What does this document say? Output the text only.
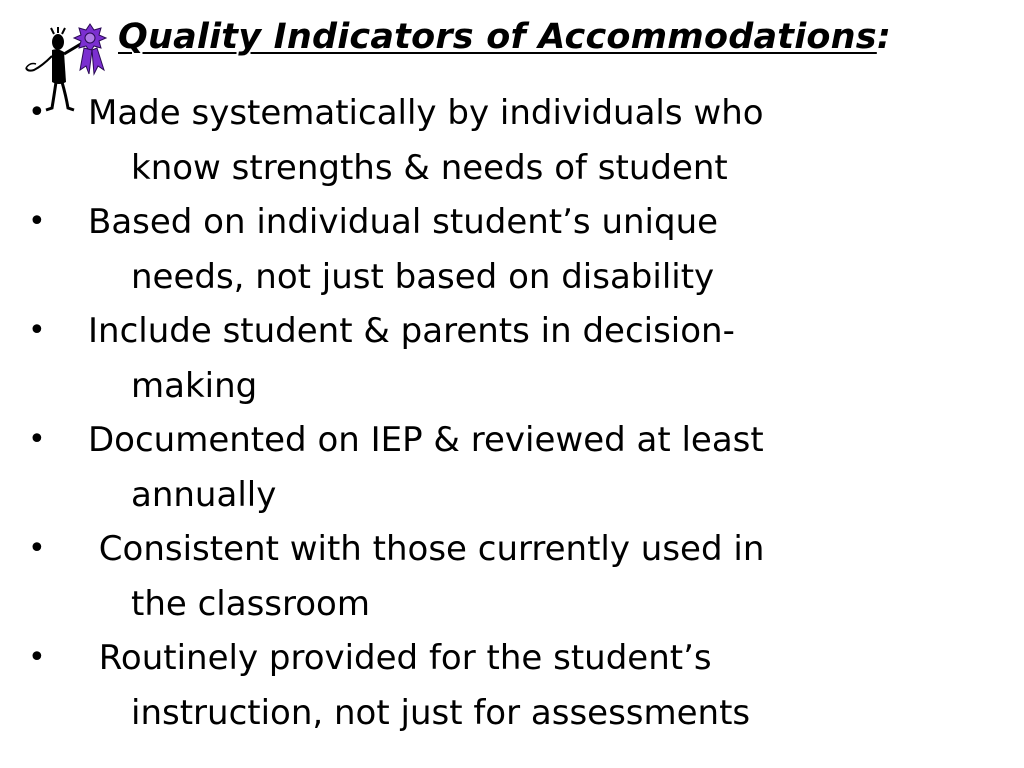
Quality Indicators of Accommodations:
•	Made systematically by individuals who
know strengths & needs of student
•	Based on individual student’s unique
needs, not just based on disability
•	Include student & parents in decision-
making
•	Documented on IEP & reviewed at least
annually
•	Consistent with those currently used in
the classroom
•	Routinely provided for the student’s
instruction, not just for assessments
